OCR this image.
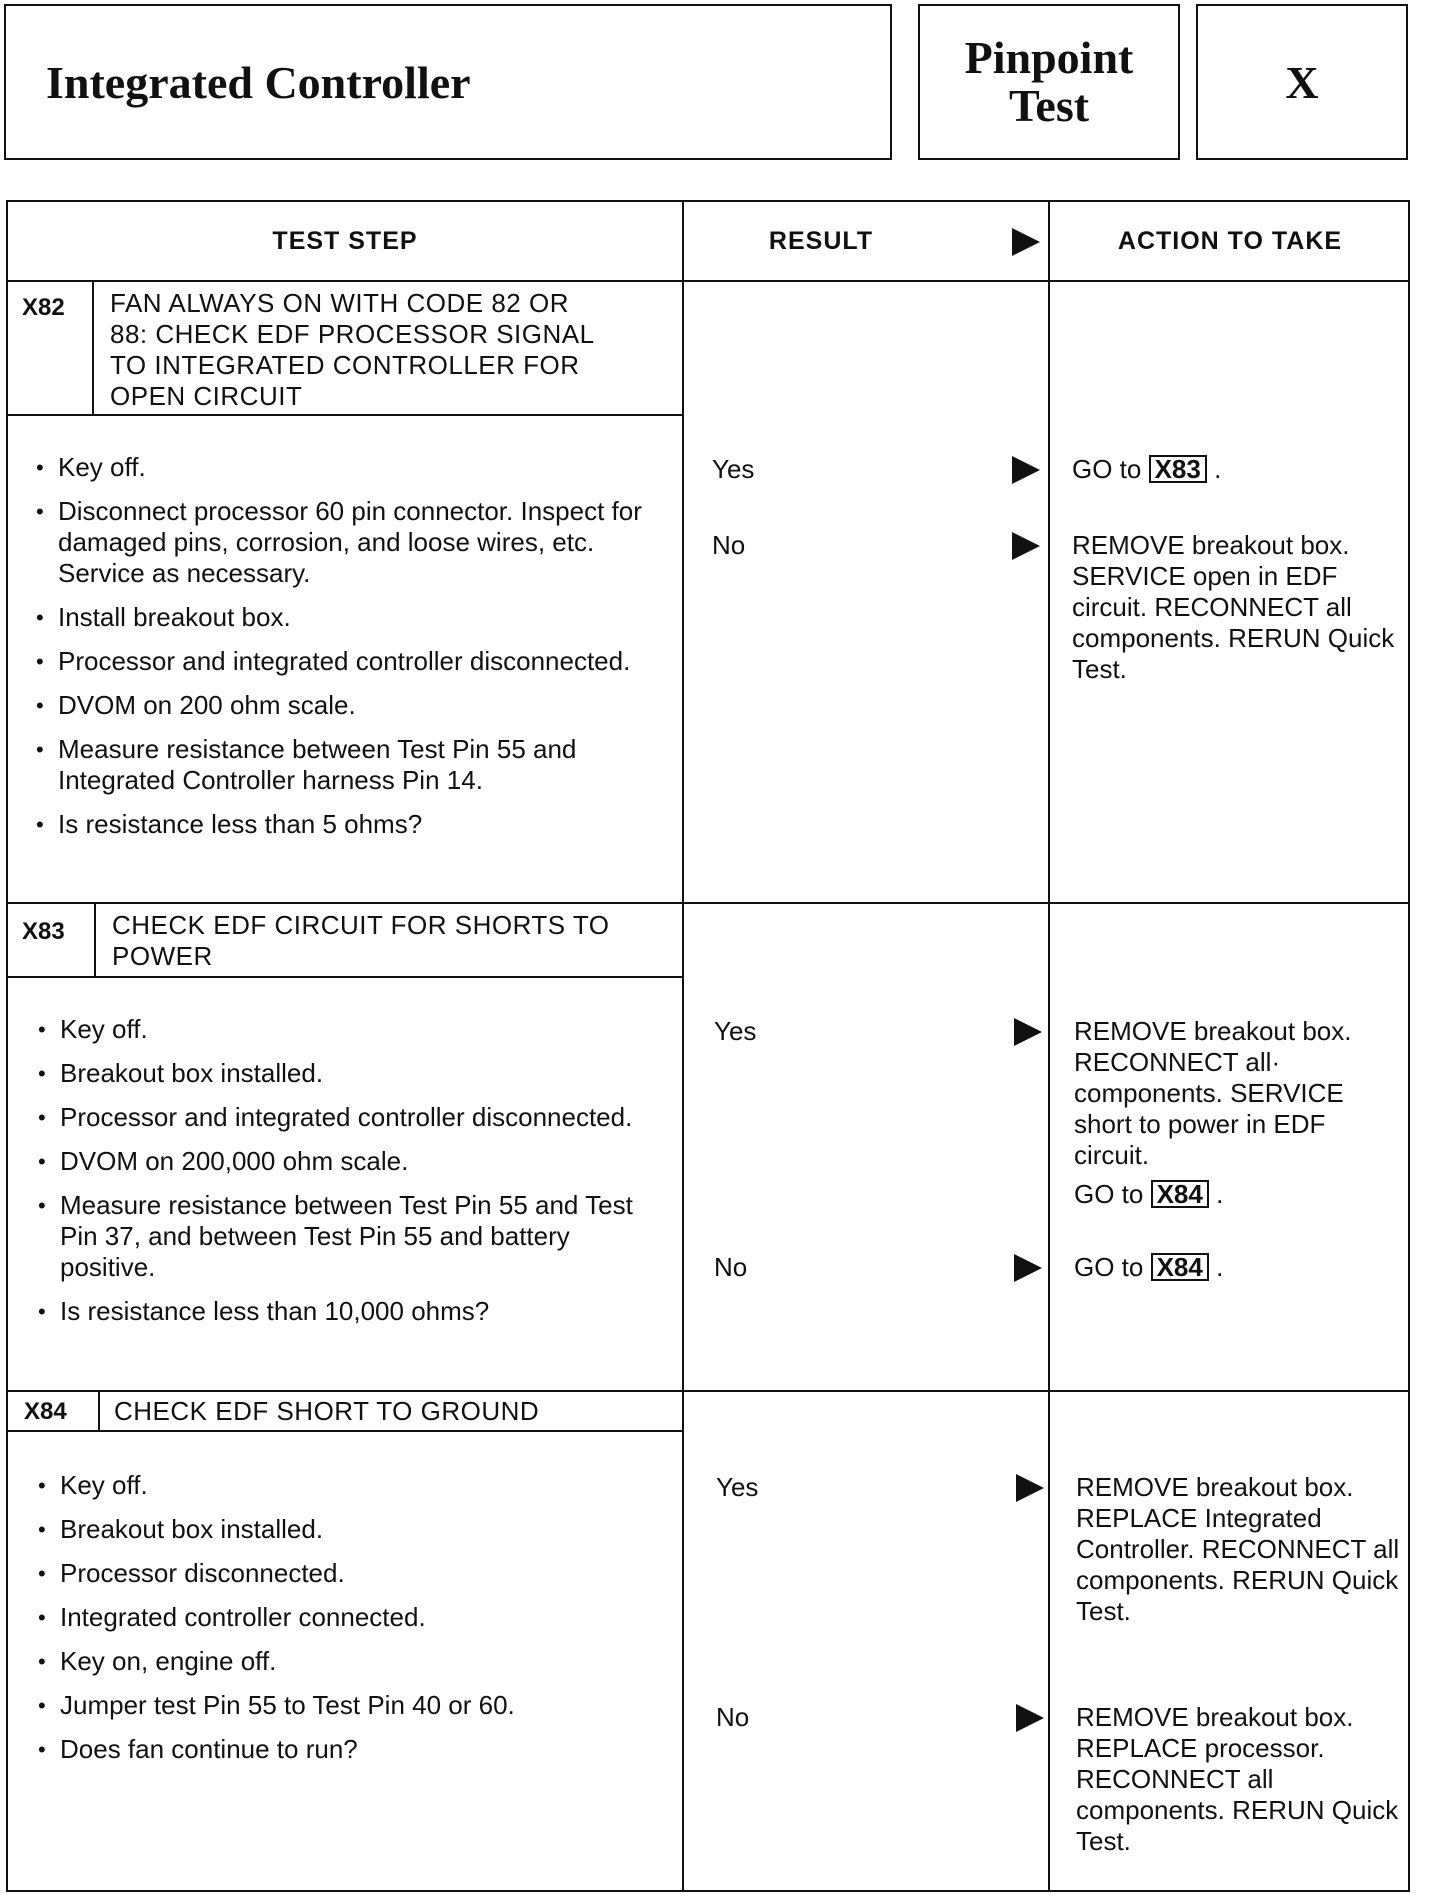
Integrated Controller	Pinpoint
Test	X
TEST STEP	RESULT	ACTION TO TAKE
X82 FAN ALWAYS ON WITH CODE 82 OR
88: CHECK EDF PROCESSOR SIGNAL
TO INTEGRATED CONTROLLER FOR
OPEN CIRCUIT
• Key off.
• Disconnect processor 60 pin connector. Inspect for damaged pins, corrosion, and loose wires, etc. Service as necessary.
• Install breakout box.
• Processor and integrated controller disconnected.
• DVOM on 200 ohm scale.
• Measure resistance between Test Pin 55 and Integrated Controller harness Pin 14.
• Is resistance less than 5 ohms?
Yes	GO to X83 .
No	REMOVE breakout box. SERVICE open in EDF circuit. RECONNECT all components. RERUN Quick Test.
X83 CHECK EDF CIRCUIT FOR SHORTS TO
POWER
• Key off.
• Breakout box installed.
• Processor and integrated controller disconnected.
• DVOM on 200,000 ohm scale.
• Measure resistance between Test Pin 55 and Test Pin 37, and between Test Pin 55 and battery positive.
• Is resistance less than 10,000 ohms?
Yes	REMOVE breakout box. RECONNECT all· components. SERVICE short to power in EDF circuit.
GO to X84 .
No	GO to X84 .
X84 CHECK EDF SHORT TO GROUND
• Key off.
• Breakout box installed.
• Processor disconnected.
• Integrated controller connected.
• Key on, engine off.
• Jumper test Pin 55 to Test Pin 40 or 60.
• Does fan continue to run?
Yes	REMOVE breakout box. REPLACE Integrated Controller. RECONNECT all components. RERUN Quick Test.
No	REMOVE breakout box. REPLACE processor. RECONNECT all components. RERUN Quick Test.
